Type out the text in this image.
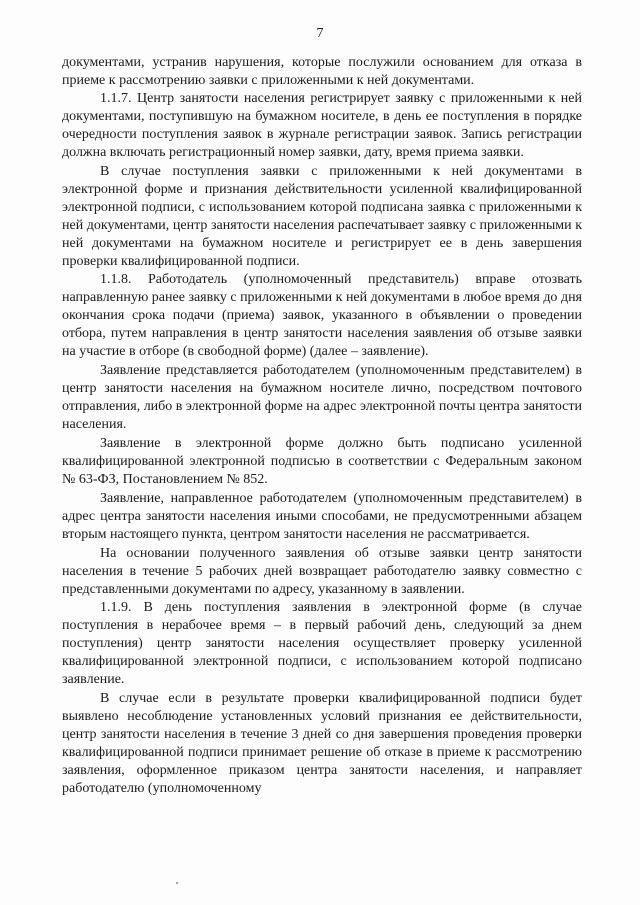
7

документами, устранив нарушения, которые послужили основанием для отказа в приеме к рассмотрению заявки с приложенными к ней документами.

1.1.7. Центр занятости населения регистрирует заявку с приложенными к ней документами, поступившую на бумажном носителе, в день ее поступления в порядке очередности поступления заявок в журнале регистрации заявок. Запись регистрации должна включать регистрационный номер заявки, дату, время приема заявки.

В случае поступления заявки с приложенными к ней документами в электронной форме и признания действительности усиленной квалифицированной электронной подписи, с использованием которой подписана заявка с приложенными к ней документами, центр занятости населения распечатывает заявку с приложенными к ней документами на бумажном носителе и регистрирует ее в день завершения проверки квалифицированной подписи.

1.1.8. Работодатель (уполномоченный представитель) вправе отозвать направленную ранее заявку с приложенными к ней документами в любое время до дня окончания срока подачи (приема) заявок, указанного в объявлении о проведении отбора, путем направления в центр занятости населения заявления об отзыве заявки на участие в отборе (в свободной форме) (далее – заявление).

Заявление представляется работодателем (уполномоченным представителем) в центр занятости населения на бумажном носителе лично, посредством почтового отправления, либо в электронной форме на адрес электронной почты центра занятости населения.

Заявление в электронной форме должно быть подписано усиленной квалифицированной электронной подписью в соответствии с Федеральным законом № 63-ФЗ, Постановлением № 852.

Заявление, направленное работодателем (уполномоченным представителем) в адрес центра занятости населения иными способами, не предусмотренными абзацем вторым настоящего пункта, центром занятости населения не рассматривается.

На основании полученного заявления об отзыве заявки центр занятости населения в течение 5 рабочих дней возвращает работодателю заявку совместно с представленными документами по адресу, указанному в заявлении.

1.1.9. В день поступления заявления в электронной форме (в случае поступления в нерабочее время – в первый рабочий день, следующий за днем поступления) центр занятости населения осуществляет проверку усиленной квалифицированной электронной подписи, с использованием которой подписано заявление.

В случае если в результате проверки квалифицированной подписи будет выявлено несоблюдение установленных условий признания ее действительности, центр занятости населения в течение 3 дней со дня завершения проведения проверки квалифицированной подписи принимает решение об отказе в приеме к рассмотрению заявления, оформленное приказом центра занятости населения, и направляет работодателю (уполномоченному
